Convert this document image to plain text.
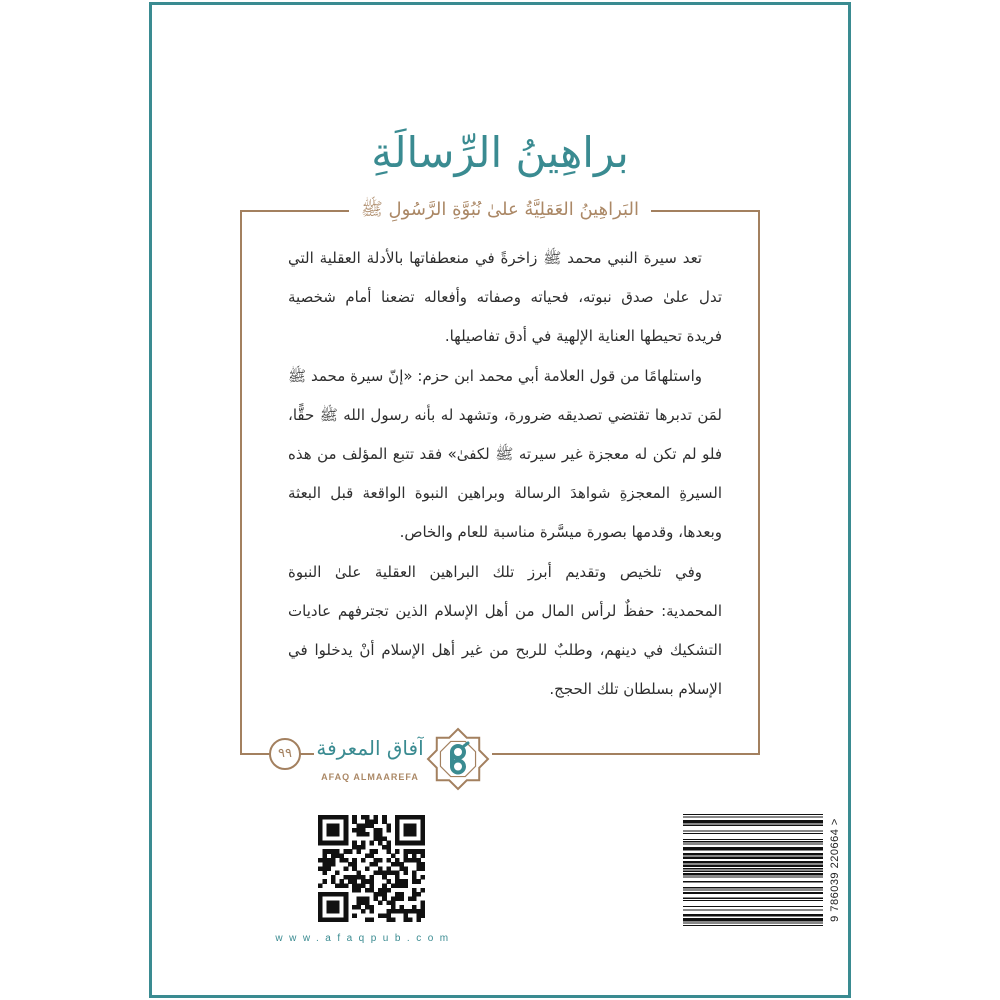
براهِينُ الرِّسالَةِ
البَراهِينُ العَقلِيَّةُ علىٰ نُبُوَّةِ الرَّسُولِ ﷺ
تعد سيرة النبي محمد ﷺ زاخرةً في منعطفاتها بالأدلة العقلية التي
تدل علىٰ صدق نبوته، فحياته وصفاته وأفعاله تضعنا أمام شخصية
فريدة تحيطها العناية الإلهية في أدق تفاصيلها.
واستلهامًا من قول العلامة أبي محمد ابن حزم: «إنّ سيرة محمد ﷺ
لمَن تدبرها تقتضي تصديقه ضرورة، وتشهد له بأنه رسول الله ﷺ حقًّا،
فلو لم تكن له معجزة غير سيرته ﷺ لكفىٰ» فقد تتبع المؤلف من هذه
السيرةِ المعجزةِ شواهدَ الرسالة وبراهين النبوة الواقعة قبل البعثة
وبعدها، وقدمها بصورة ميسَّرة مناسبة للعام والخاص.
وفي تلخيص وتقديم أبرز تلك البراهين العقلية علىٰ النبوة
المحمدية: حفظٌ لرأس المال من أهل الإسلام الذين تجترفهم عاديات
التشكيك في دينهم، وطلبٌ للربح من غير أهل الإسلام أنْ يدخلوا في
الإسلام بسلطان تلك الحجج.
٩٩	آفاق المعرفة
AFAQ ALMAAREFA
www.afaqpub.com
9 786039 220664 >
